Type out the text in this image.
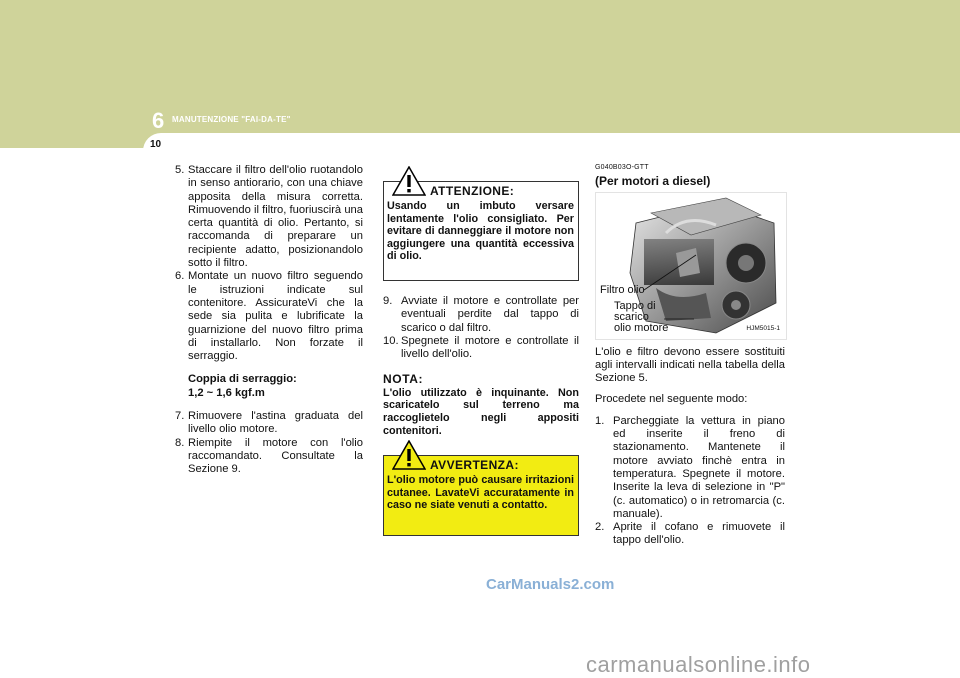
6 MANUTENZIONE "FAI-DA-TE"
10
5. Staccare il filtro dell'olio ruotandolo in senso antiorario, con una chiave apposita della misura corretta. Rimuovendo il filtro, fuoriuscirà una certa quantità di olio. Pertanto, si raccomanda di preparare un recipiente adatto, posizionandolo sotto il filtro.
6. Montate un nuovo filtro seguendo le istruzioni indicate sul contenitore. AssicurateVi che la sede sia pulita e lubrificate la guarnizione del nuovo filtro prima di installarlo. Non forzate il serraggio.
Coppia di serraggio:
1,2 ~ 1,6 kgf.m
7. Rimuovere l'astina graduata del livello olio motore.
8. Riempite il motore con l'olio raccomandato. Consultate la Sezione 9.
ATTENZIONE:
Usando un imbuto versare lentamente l'olio consigliato. Per evitare di danneggiare il motore non aggiungere una quantità eccessiva di olio.
9. Avviate il motore e controllate per eventuali perdite dal tappo di scarico o dal filtro.
10. Spegnete il motore e controllate il livello dell'olio.
NOTA:
L'olio utilizzato è inquinante. Non scaricatelo sul terreno ma raccoglietelo negli appositi contenitori.
AVVERTENZA:
L'olio motore può causare irritazioni cutanee. LavateVi accuratamente in caso ne siate venuti a contatto.
G040B03O-GTT
(Per motori a diesel)
Filtro olio
Tappo di
scarico
olio motore	HJM5015-1
L'olio e filtro devono essere sostituiti agli intervalli indicati nella tabella della Sezione 5.
Procedete nel seguente modo:
1. Parcheggiate la vettura in piano ed inserite il freno di stazionamento. Mantenete il motore avviato finchè entra in temperatura. Spegnete il motore. Inserite la leva di selezione in "P" (c. automatico) o in retromarcia (c. manuale).
2. Aprite il cofano e rimuovete il tappo dell'olio.
CarManuals2.com
carmanualsonline.info
